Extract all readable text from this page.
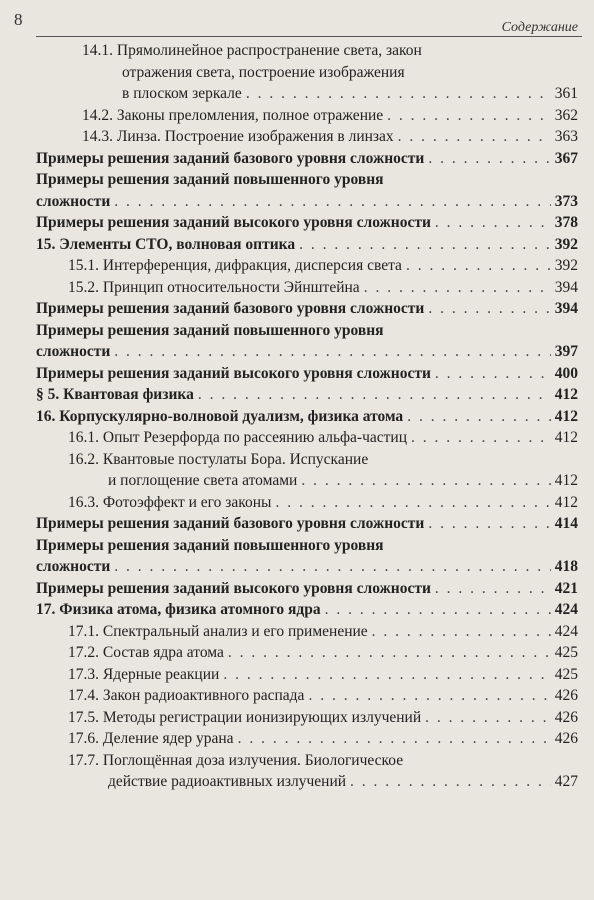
8	Содержание
14.1. Прямолинейное распространение света, закон
отражения света, построение изображения
в плоском зеркале . . .	361
14.2. Законы преломления, полное отражение . . .	362
14.3. Линза. Построение изображения в линзах . . .	363
Примеры решения заданий базового уровня сложности . . .	367
Примеры решения заданий повышенного уровня
сложности . . .	373
Примеры решения заданий высокого уровня сложности . . .	378
15. Элементы СТО, волновая оптика . . .	392
15.1. Интерференция, дифракция, дисперсия света . . .	392
15.2. Принцип относительности Эйнштейна . . .	394
Примеры решения заданий базового уровня сложности . . .	394
Примеры решения заданий повышенного уровня
сложности . . .	397
Примеры решения заданий высокого уровня сложности . . .	400
§ 5. Квантовая физика . . .	412
16. Корпускулярно-волновой дуализм, физика атома . . .	412
16.1. Опыт Резерфорда по рассеянию альфа-частиц . . .	412
16.2. Квантовые постулаты Бора. Испускание
и поглощение света атомами . . .	412
16.3. Фотоэффект и его законы . . .	412
Примеры решения заданий базового уровня сложности . . .	414
Примеры решения заданий повышенного уровня
сложности . . .	418
Примеры решения заданий высокого уровня сложности . . .	421
17. Физика атома, физика атомного ядра . . .	424
17.1. Спектральный анализ и его применение . . .	424
17.2. Состав ядра атома . . .	425
17.3. Ядерные реакции . . .	425
17.4. Закон радиоактивного распада . . .	426
17.5. Методы регистрации ионизирующих излучений . . .	426
17.6. Деление ядер урана . . .	426
17.7. Поглощённая доза излучения. Биологическое
действие радиоактивных излучений . . .	427
